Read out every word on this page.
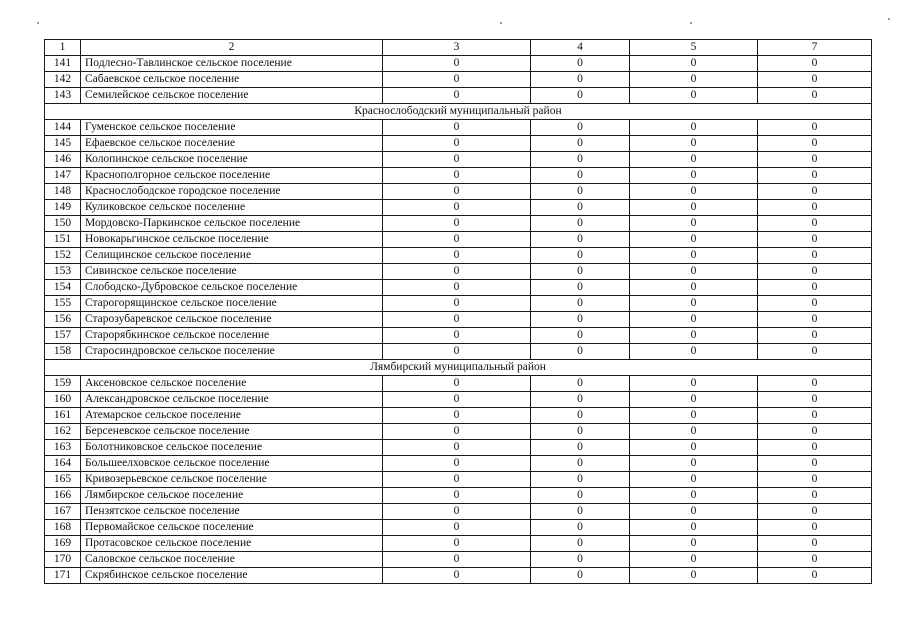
1	2	3	4	5	7
141	Подлесно-Тавлинское сельское поселение	0	0	0	0
142	Сабаевское сельское поселение	0	0	0	0
143	Семилейское сельское поселение	0	0	0	0
Краснослободский муниципальный район					
144	Гуменское сельское поселение	0	0	0	0
145	Ефаевское сельское поселение	0	0	0	0
146	Колопинское сельское поселение	0	0	0	0
147	Краснополгорное сельское поселение	0	0	0	0
148	Краснослободское городское поселение	0	0	0	0
149	Куликовское сельское поселение	0	0	0	0
150	Мордовско-Паркинское сельское поселение	0	0	0	0
151	Новокарьгинское сельское поселение	0	0	0	0
152	Селищинское сельское поселение	0	0	0	0
153	Сивинское сельское поселение	0	0	0	0
154	Слободско-Дубровское сельское поселение	0	0	0	0
155	Старогорящинское сельское поселение	0	0	0	0
156	Старозубаревское сельское поселение	0	0	0	0
157	Старорябкинское сельское поселение	0	0	0	0
158	Старосиндровское сельское поселение	0	0	0	0
Лямбирский муниципальный район					
159	Аксеновское сельское поселение	0	0	0	0
160	Александровское сельское поселение	0	0	0	0
161	Атемарское сельское поселение	0	0	0	0
162	Берсеневское сельское поселение	0	0	0	0
163	Болотниковское сельское поселение	0	0	0	0
164	Большеелховское сельское поселение	0	0	0	0
165	Кривозерьевское сельское поселение	0	0	0	0
166	Лямбирское сельское поселение	0	0	0	0
167	Пензятское сельское поселение	0	0	0	0
168	Первомайское сельское поселение	0	0	0	0
169	Протасовское сельское поселение	0	0	0	0
170	Саловское сельское поселение	0	0	0	0
171	Скрябинское сельское поселение	0	0	0	0
